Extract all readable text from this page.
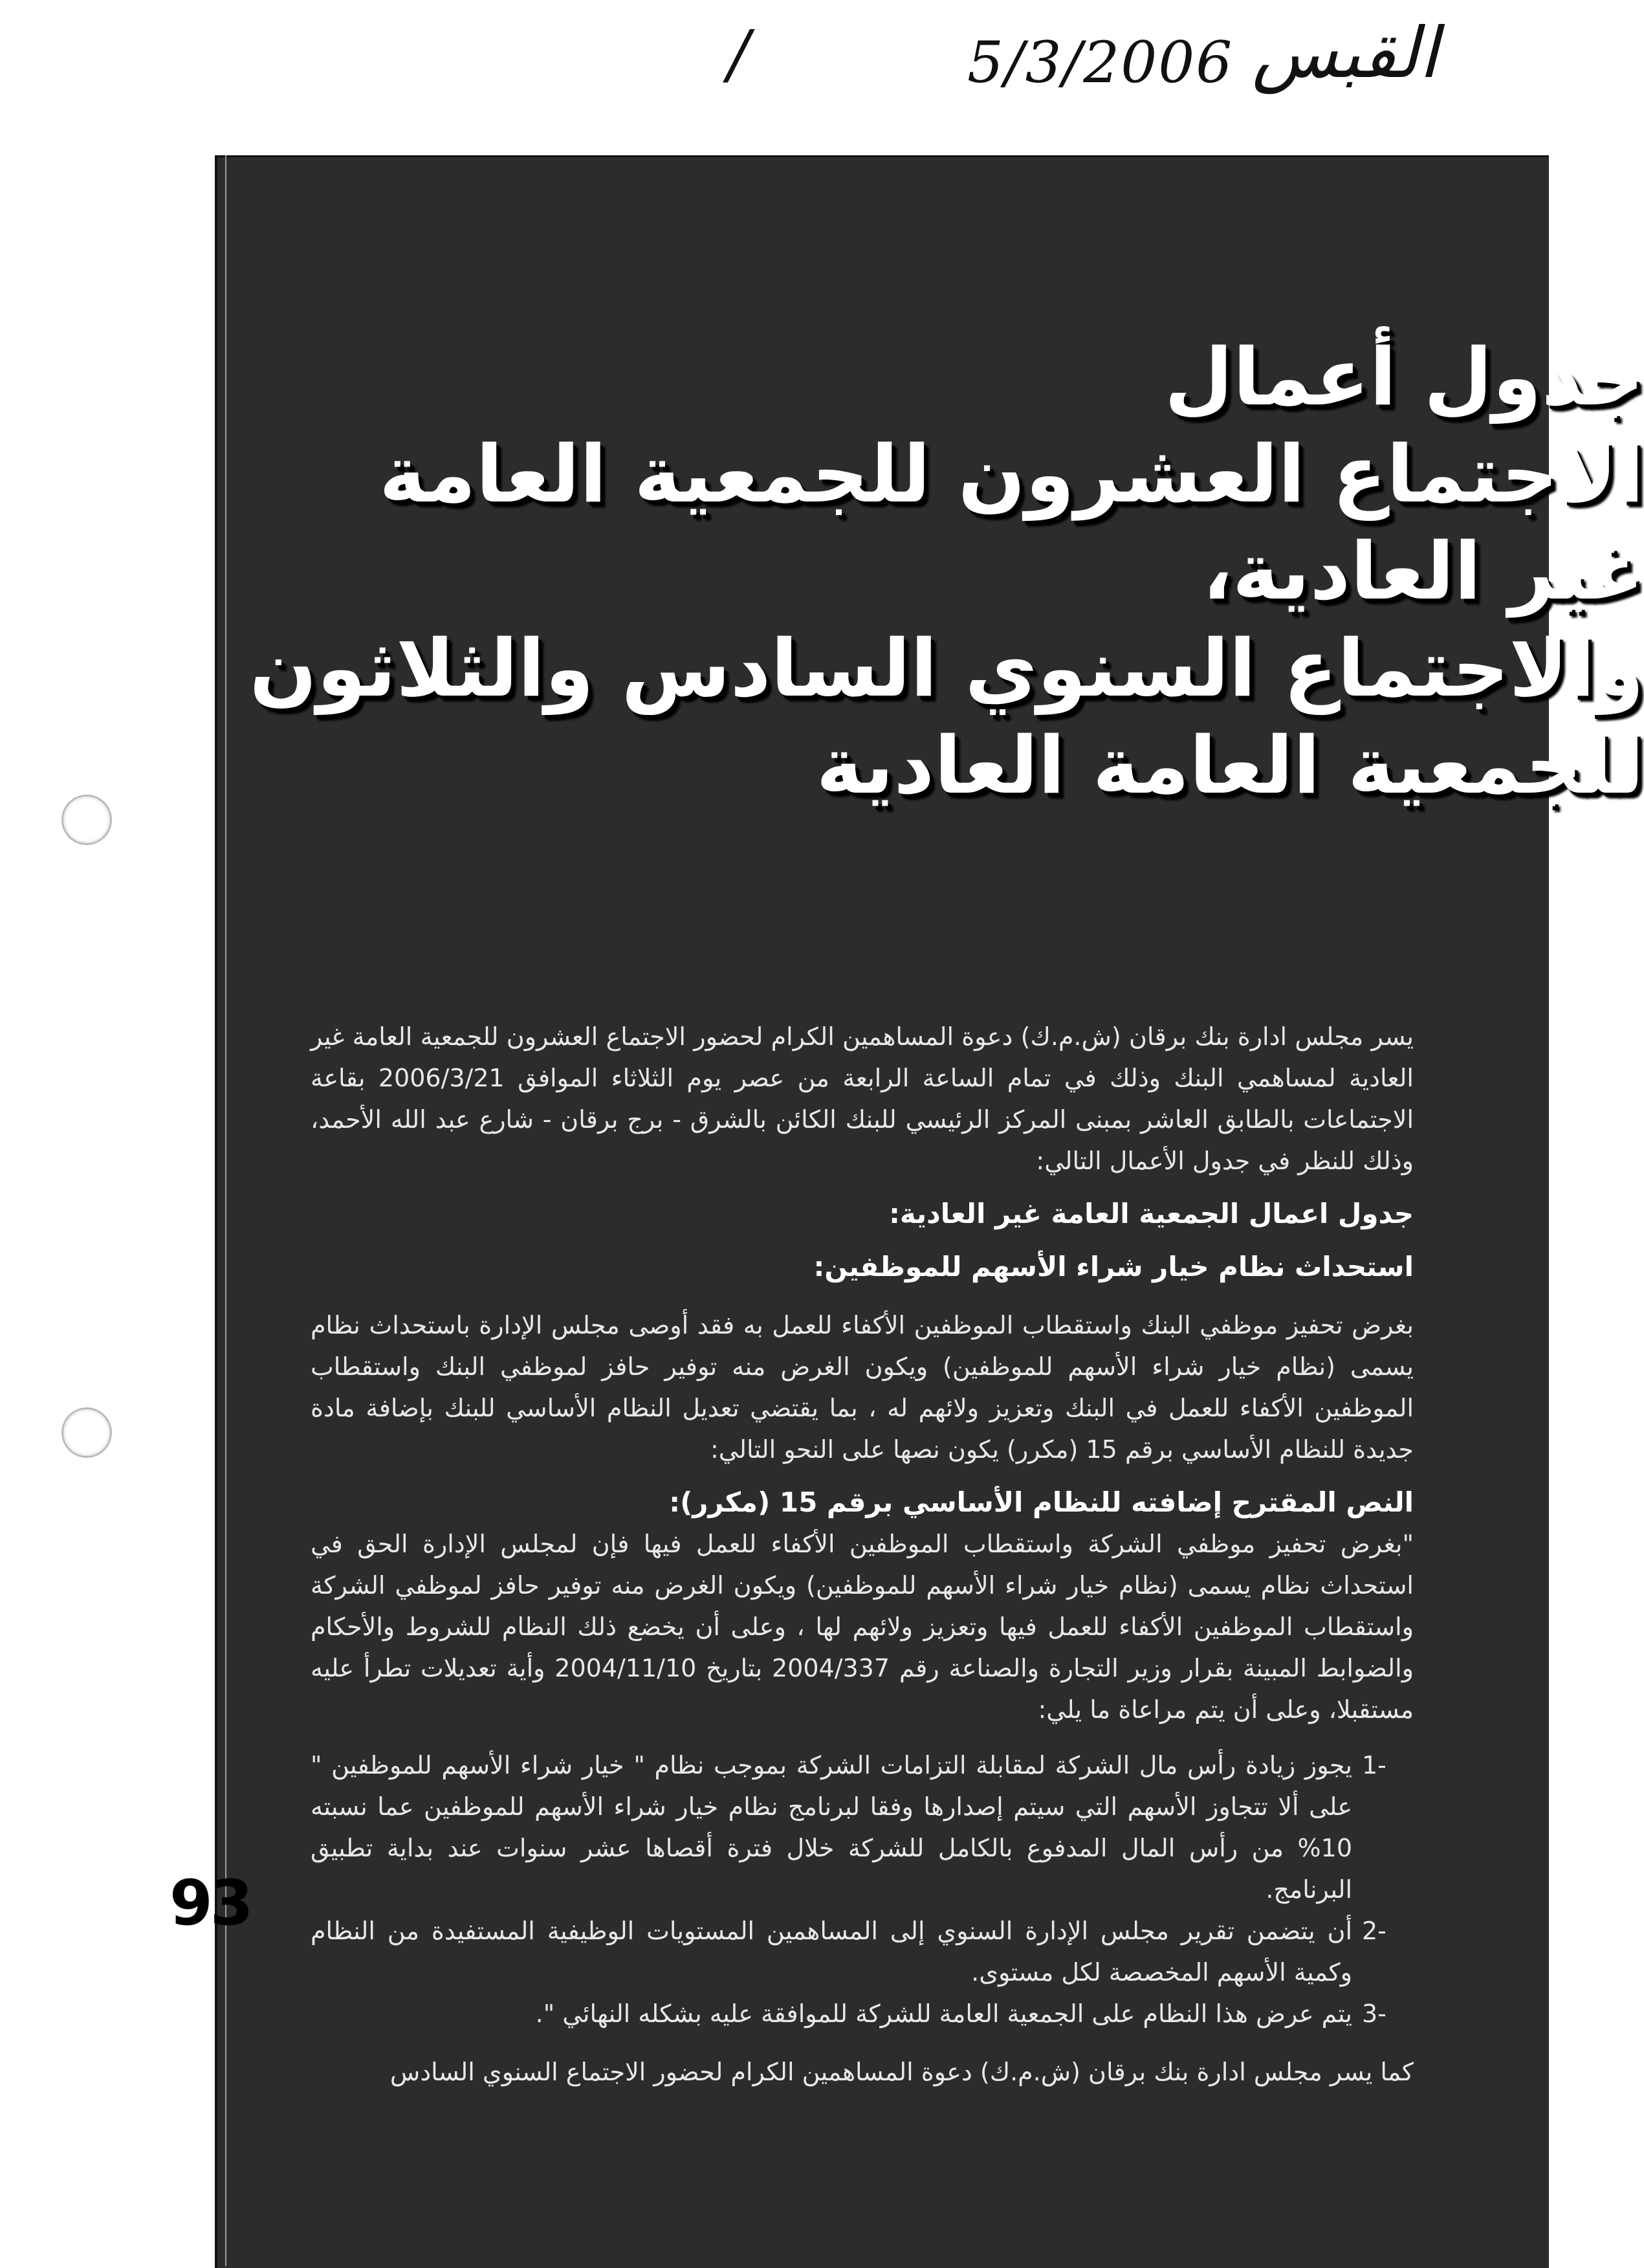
/	5/3/2006 القبس
جدول أعمال
الاجتماع العشرون للجمعية العامة
غير العادية،
والاجتماع السنوي السادس والثلاثون
للجمعية العامة العادية

يسر مجلس ادارة بنك برقان (ش.م.ك) دعوة المساهمين الكرام لحضور الاجتماع العشرون للجمعية العامة غير العادية لمساهمي البنك وذلك في تمام الساعة الرابعة من عصر يوم الثلاثاء الموافق 2006/3/21 بقاعة الاجتماعات بالطابق العاشر بمبنى المركز الرئيسي للبنك الكائن بالشرق - برج برقان - شارع عبد الله الأحمد، وذلك للنظر في جدول الأعمال التالي:

جدول اعمال الجمعية العامة غير العادية:

استحداث نظام خيار شراء الأسهم للموظفين:

بغرض تحفيز موظفي البنك واستقطاب الموظفين الأكفاء للعمل به فقد أوصى مجلس الإدارة باستحداث نظام يسمى (نظام خيار شراء الأسهم للموظفين) ويكون الغرض منه توفير حافز لموظفي البنك واستقطاب الموظفين الأكفاء للعمل في البنك وتعزيز ولائهم له ، بما يقتضي تعديل النظام الأساسي للبنك بإضافة مادة جديدة للنظام الأساسي برقم 15 (مكرر) يكون نصها على النحو التالي:

النص المقترح إضافته للنظام الأساسي برقم 15 (مكرر):

"بغرض تحفيز موظفي الشركة واستقطاب الموظفين الأكفاء للعمل فيها فإن لمجلس الإدارة الحق في استحداث نظام يسمى (نظام خيار شراء الأسهم للموظفين) ويكون الغرض منه توفير حافز لموظفي الشركة واستقطاب الموظفين الأكفاء للعمل فيها وتعزيز ولائهم لها ، وعلى أن يخضع ذلك النظام للشروط والأحكام والضوابط المبينة بقرار وزير التجارة والصناعة رقم 2004/337 بتاريخ 2004/11/10 وأية تعديلات تطرأ عليه مستقبلا، وعلى أن يتم مراعاة ما يلي:

1-
يجوز زيادة رأس مال الشركة لمقابلة التزامات الشركة بموجب نظام " خيار شراء الأسهم للموظفين " على ألا تتجاوز الأسهم التي سيتم إصدارها وفقا لبرنامج نظام خيار شراء الأسهم للموظفين عما نسبته 10% من رأس المال المدفوع بالكامل للشركة خلال فترة أقصاها عشر سنوات عند بداية تطبيق البرنامج.
2-
أن يتضمن تقرير مجلس الإدارة السنوي إلى المساهمين المستويات الوظيفية المستفيدة من النظام وكمية الأسهم المخصصة لكل مستوى.
3-
يتم عرض هذا النظام على الجمعية العامة للشركة للموافقة عليه بشكله النهائي ".

كما يسر مجلس ادارة بنك برقان (ش.م.ك) دعوة المساهمين الكرام لحضور الاجتماع السنوي السادس

93
